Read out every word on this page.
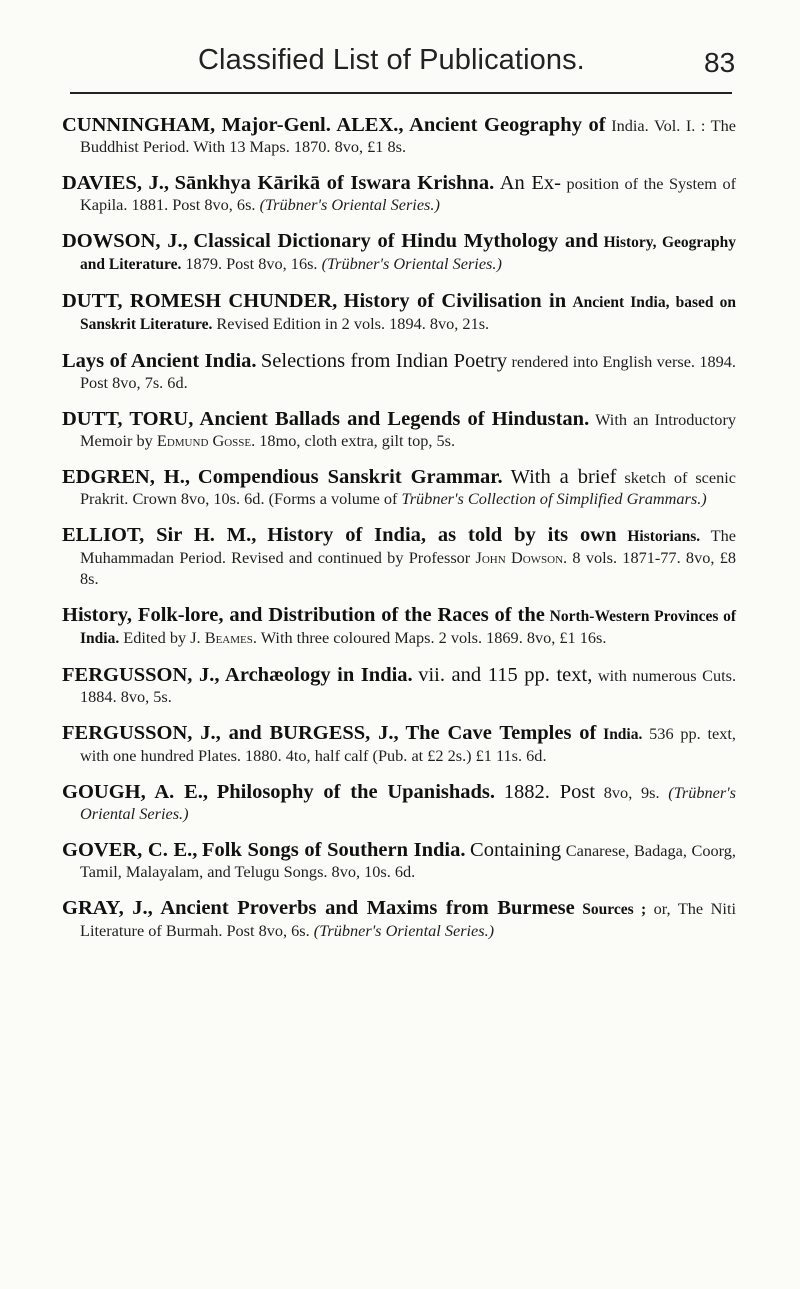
Classified List of Publications.	83

CUNNINGHAM, Major-Genl. ALEX., Ancient Geography of India. Vol. I. : The Buddhist Period. With 13 Maps. 1870. 8vo, £1 8s.

DAVIES, J., Sānkhya Kārikā of Iswara Krishna. An Ex- position of the System of Kapila. 1881. Post 8vo, 6s. (Trübner's Oriental Series.)

DOWSON, J., Classical Dictionary of Hindu Mythology and History, Geography and Literature. 1879. Post 8vo, 16s. (Trübner's Oriental Series.)

DUTT, ROMESH CHUNDER, History of Civilisation in Ancient India, based on Sanskrit Literature. Revised Edition in 2 vols. 1894. 8vo, 21s.

Lays of Ancient India. Selections from Indian Poetry rendered into English verse. 1894. Post 8vo, 7s. 6d.

DUTT, TORU, Ancient Ballads and Legends of Hindustan. With an Introductory Memoir by Edmund Gosse. 18mo, cloth extra, gilt top, 5s.

EDGREN, H., Compendious Sanskrit Grammar. With a brief sketch of scenic Prakrit. Crown 8vo, 10s. 6d. (Forms a volume of Trübner's Collection of Simplified Grammars.)

ELLIOT, Sir H. M., History of India, as told by its own Historians. The Muhammadan Period. Revised and continued by Professor John Dowson. 8 vols. 1871-77. 8vo, £8 8s.

History, Folk-lore, and Distribution of the Races of the North-Western Provinces of India. Edited by J. Beames. With three coloured Maps. 2 vols. 1869. 8vo, £1 16s.

FERGUSSON, J., Archæology in India. vii. and 115 pp. text, with numerous Cuts. 1884. 8vo, 5s.

FERGUSSON, J., and BURGESS, J., The Cave Temples of India. 536 pp. text, with one hundred Plates. 1880. 4to, half calf (Pub. at £2 2s.) £1 11s. 6d.

GOUGH, A. E., Philosophy of the Upanishads. 1882. Post 8vo, 9s. (Trübner's Oriental Series.)

GOVER, C. E., Folk Songs of Southern India. Containing Canarese, Badaga, Coorg, Tamil, Malayalam, and Telugu Songs. 8vo, 10s. 6d.

GRAY, J., Ancient Proverbs and Maxims from Burmese Sources ; or, The Niti Literature of Burmah. Post 8vo, 6s. (Trübner's Oriental Series.)
